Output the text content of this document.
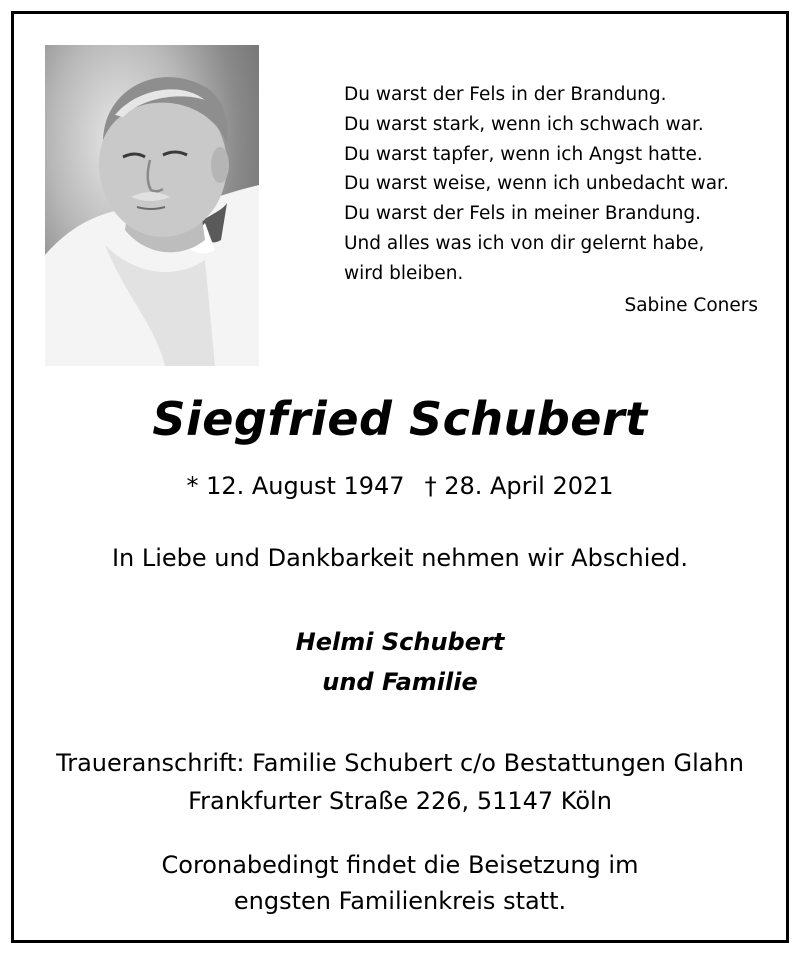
Du warst der Fels in der Brandung.
Du warst stark, wenn ich schwach war.
Du warst tapfer, wenn ich Angst hatte.
Du warst weise, wenn ich unbedacht war.
Du warst der Fels in meiner Brandung.
Und alles was ich von dir gelernt habe,
wird bleiben.
Sabine Coners
Siegfried Schubert
* 12. August 1947 † 28. April 2021
In Liebe und Dankbarkeit nehmen wir Abschied.
Helmi Schubert
und Familie
Traueranschrift: Familie Schubert c/o Bestattungen Glahn
Frankfurter Straße 226, 51147 Köln
Coronabedingt findet die Beisetzung im
engsten Familienkreis statt.
